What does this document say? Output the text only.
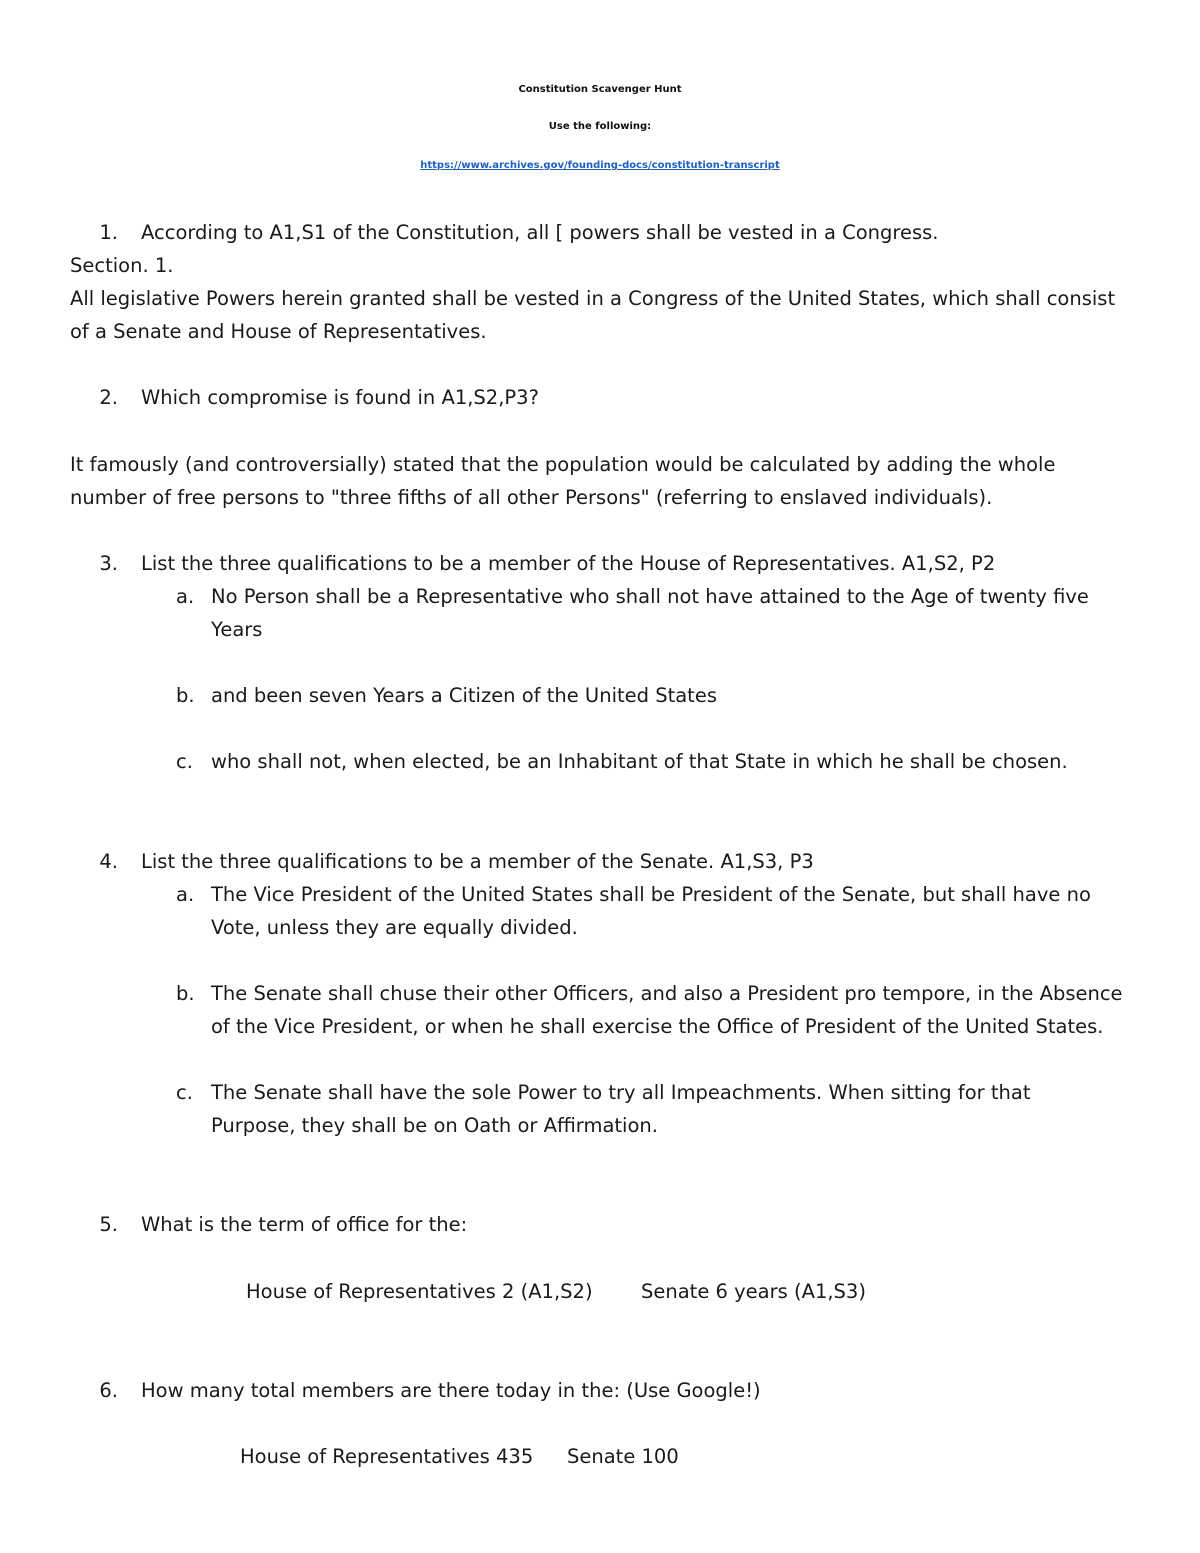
Constitution Scavenger Hunt
Use the following:
https://www.archives.gov/founding-docs/constitution-transcript
1. According to A1,S1 of the Constitution, all [ powers shall be vested in a Congress.
Section. 1.
All legislative Powers herein granted shall be vested in a Congress of the United States, which shall consist
of a Senate and House of Representatives.
2. Which compromise is found in A1,S2,P3?
It famously (and controversially) stated that the population would be calculated by adding the whole
number of free persons to "three fifths of all other Persons" (referring to enslaved individuals).
3. List the three qualifications to be a member of the House of Representatives. A1,S2, P2
a. No Person shall be a Representative who shall not have attained to the Age of twenty five
Years
b. and been seven Years a Citizen of the United States
c. who shall not, when elected, be an Inhabitant of that State in which he shall be chosen.
4. List the three qualifications to be a member of the Senate. A1,S3, P3
a. The Vice President of the United States shall be President of the Senate, but shall have no
Vote, unless they are equally divided.
b. The Senate shall chuse their other Officers, and also a President pro tempore, in the Absence
of the Vice President, or when he shall exercise the Office of President of the United States.
c. The Senate shall have the sole Power to try all Impeachments. When sitting for that
Purpose, they shall be on Oath or Affirmation.
5. What is the term of office for the:
House of Representatives 2 (A1,S2) Senate 6 years (A1,S3)
6. How many total members are there today in the: (Use Google!)
House of Representatives 435 Senate 100
